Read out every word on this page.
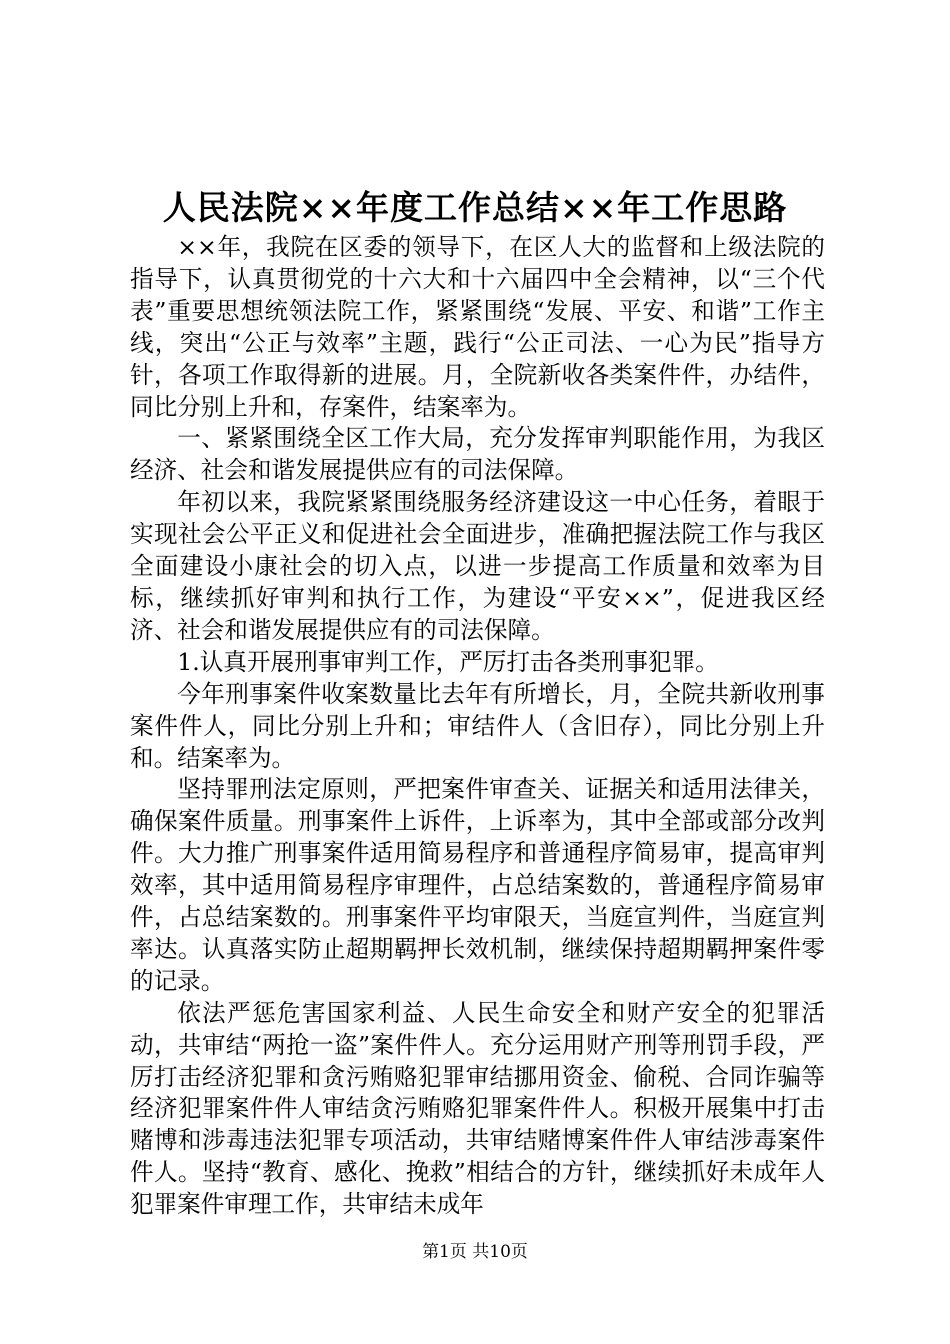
人民法院××年度工作总结××年工作思路

××年，我院在区委的领导下，在区人大的监督和上级法院的指导下，认真贯彻党的十六大和十六届四中全会精神，以“三个代表”重要思想统领法院工作，紧紧围绕“发展、平安、和谐”工作主线，突出“公正与效率”主题，践行“公正司法、一心为民”指导方针，各项工作取得新的进展。月，全院新收各类案件件，办结件，同比分别上升和，存案件，结案率为。

一、紧紧围绕全区工作大局，充分发挥审判职能作用，为我区经济、社会和谐发展提供应有的司法保障。

年初以来，我院紧紧围绕服务经济建设这一中心任务，着眼于实现社会公平正义和促进社会全面进步，准确把握法院工作与我区全面建设小康社会的切入点，以进一步提高工作质量和效率为目标，继续抓好审判和执行工作，为建设“平安××”，促进我区经济、社会和谐发展提供应有的司法保障。

1.认真开展刑事审判工作，严厉打击各类刑事犯罪。

今年刑事案件收案数量比去年有所增长，月，全院共新收刑事案件件人，同比分别上升和；审结件人（含旧存），同比分别上升和。结案率为。

坚持罪刑法定原则，严把案件审查关、证据关和适用法律关，确保案件质量。刑事案件上诉件，上诉率为，其中全部或部分改判件。大力推广刑事案件适用简易程序和普通程序简易审，提高审判效率，其中适用简易程序审理件，占总结案数的，普通程序简易审件，占总结案数的。刑事案件平均审限天，当庭宣判件，当庭宣判率达。认真落实防止超期羁押长效机制，继续保持超期羁押案件零的记录。

依法严惩危害国家利益、人民生命安全和财产安全的犯罪活动，共审结“两抢一盗”案件件人。充分运用财产刑等刑罚手段，严厉打击经济犯罪和贪污贿赂犯罪审结挪用资金、偷税、合同诈骗等经济犯罪案件件人审结贪污贿赂犯罪案件件人。积极开展集中打击赌博和涉毒违法犯罪专项活动，共审结赌博案件件人审结涉毒案件件人。坚持“教育、感化、挽救”相结合的方针，继续抓好未成年人犯罪案件审理工作，共审结未成年

第1页 共10页
